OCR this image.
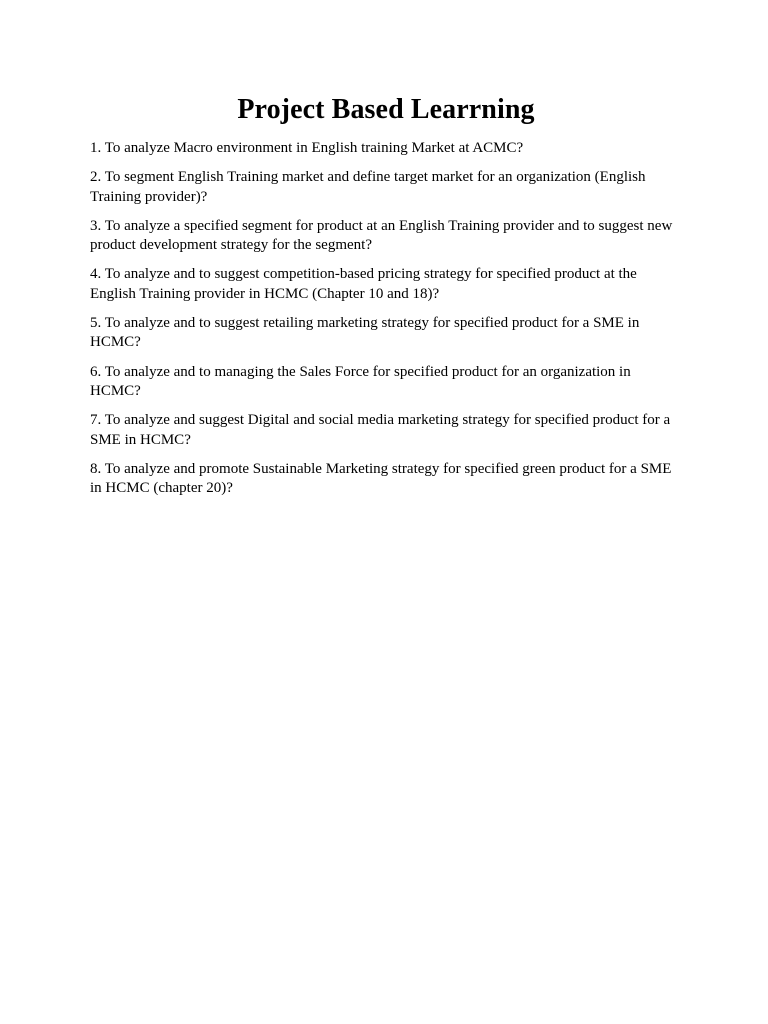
Project Based Learrning
1. To analyze Macro environment in English training Market at ACMC?
2. To segment English Training market and define target market for an organization (English Training provider)?
3. To analyze a specified segment for product at an English Training provider and to suggest new product development strategy for the segment?
4. To analyze and to suggest competition-based pricing strategy for specified product at the English Training provider in HCMC (Chapter 10 and 18)?
5. To analyze and to suggest retailing marketing strategy for specified product for a SME in HCMC?
6. To analyze and to managing the Sales Force for specified product for an organization in HCMC?
7. To analyze and suggest Digital and social media marketing strategy for specified product for a SME in HCMC?
8. To analyze and promote Sustainable Marketing strategy for specified green product for a SME in HCMC (chapter 20)?
